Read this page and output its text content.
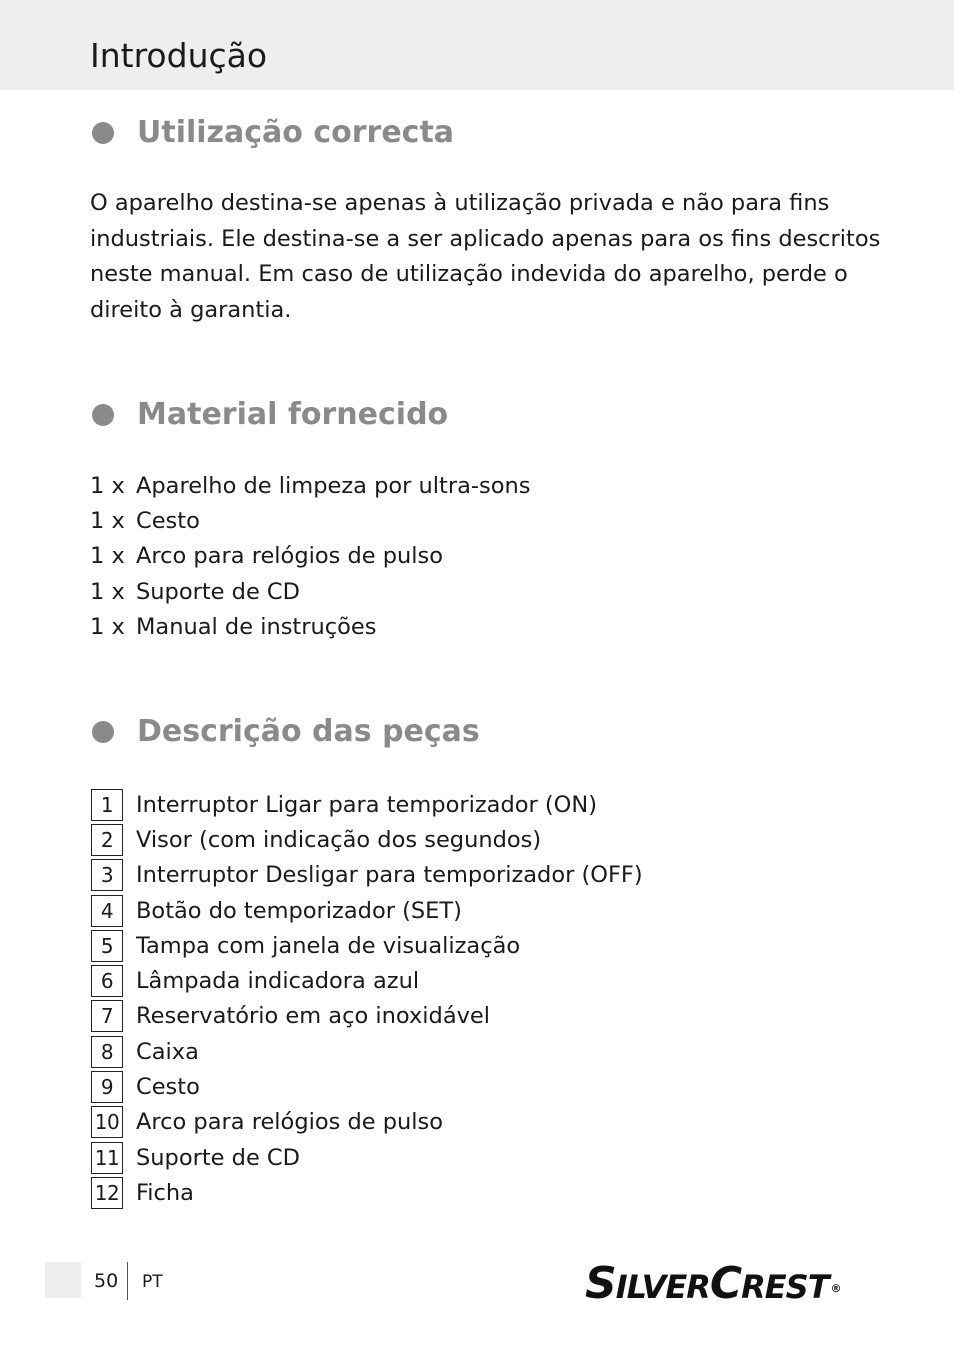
Introdução
Utilização correcta

O aparelho destina-se apenas à utilização privada e não para fins
industriais. Ele destina-se a ser aplicado apenas para os fins descritos
neste manual. Em caso de utilização indevida do aparelho, perde o
direito à garantia.

Material fornecido
1 x Aparelho de limpeza por ultra-sons
1 x Cesto
1 x Arco para relógios de pulso
1 x Suporte de CD
1 x Manual de instruções
Descrição das peças
1	Interruptor Ligar para temporizador (ON)
2	Visor (com indicação dos segundos)
3	Interruptor Desligar para temporizador (OFF)
4	Botão do temporizador (SET)
5	Tampa com janela de visualização
6	Lâmpada indicadora azul
7	Reservatório em aço inoxidável
8	Caixa
9	Cesto
10 Arco para relógios de pulso
11 Suporte de CD
12 Ficha
50 PT	SILVERCREST ®
